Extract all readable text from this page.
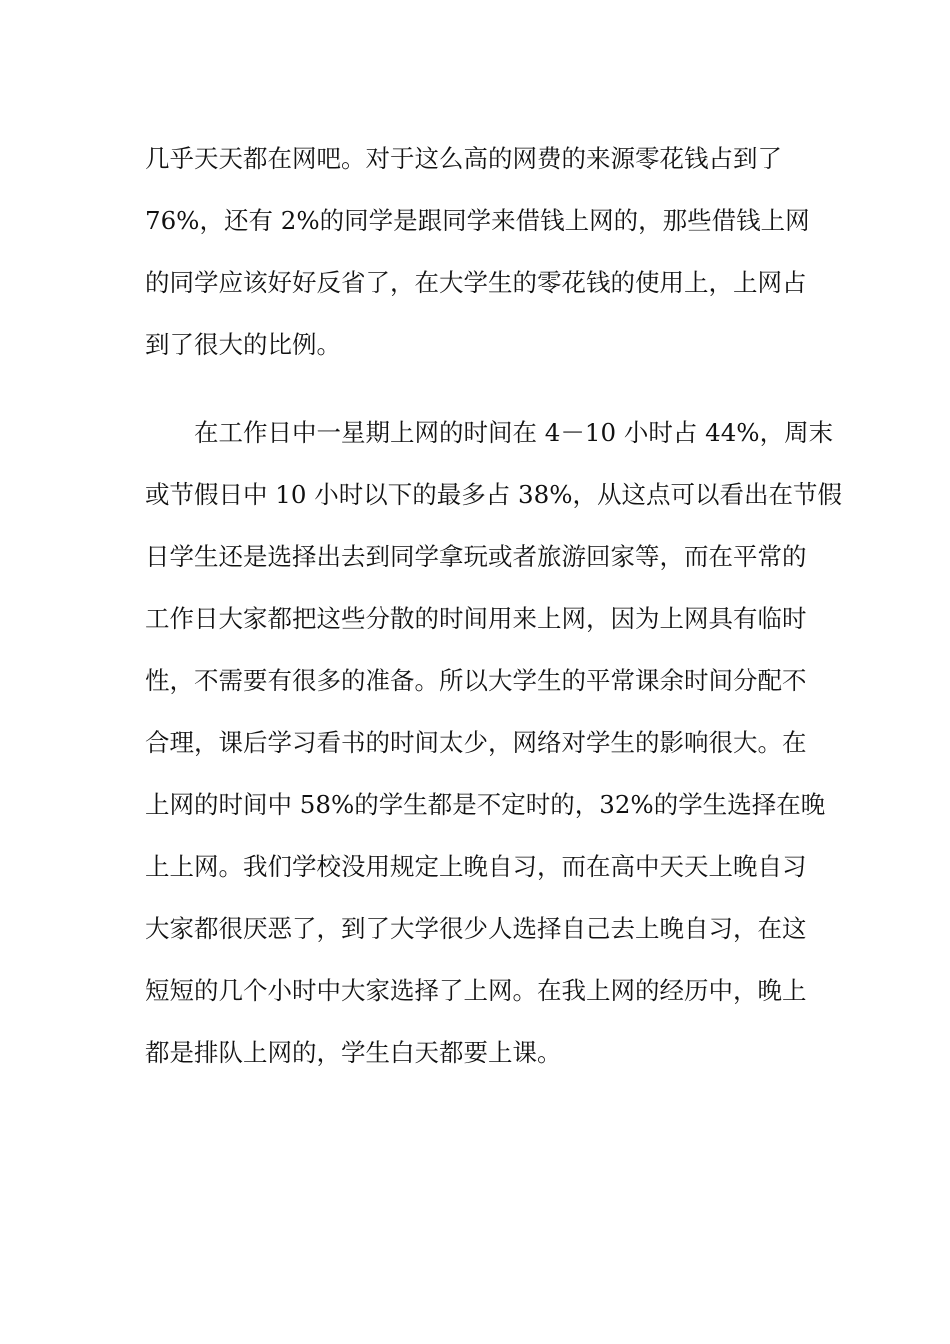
几乎天天都在网吧。对于这么高的网费的来源零花钱占到了
76%，还有 2%的同学是跟同学来借钱上网的，那些借钱上网
的同学应该好好反省了，在大学生的零花钱的使用上，上网占
到了很大的比例。
在工作日中一星期上网的时间在 4－10 小时占 44%，周末
或节假日中 10 小时以下的最多占 38%，从这点可以看出在节假
日学生还是选择出去到同学拿玩或者旅游回家等，而在平常的
工作日大家都把这些分散的时间用来上网，因为上网具有临时
性，不需要有很多的准备。所以大学生的平常课余时间分配不
合理，课后学习看书的时间太少，网络对学生的影响很大。在
上网的时间中 58%的学生都是不定时的，32%的学生选择在晚
上上网。我们学校没用规定上晚自习，而在高中天天上晚自习
大家都很厌恶了，到了大学很少人选择自己去上晚自习，在这
短短的几个小时中大家选择了上网。在我上网的经历中，晚上
都是排队上网的，学生白天都要上课。
